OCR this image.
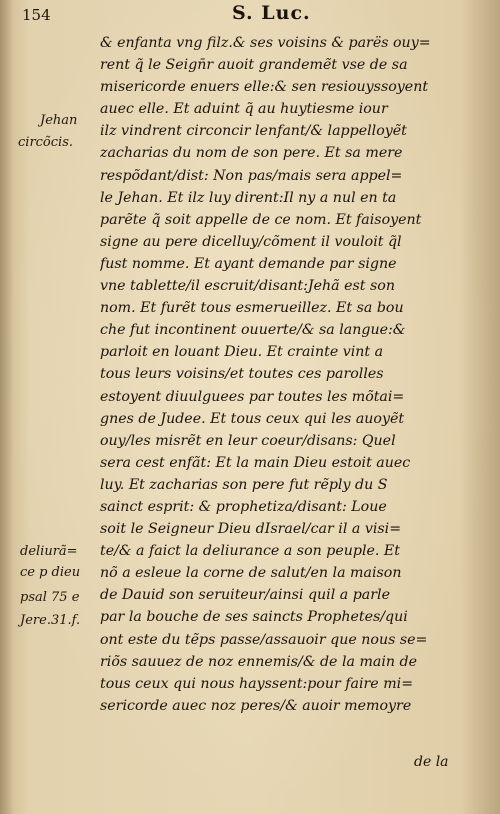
154	S. Luc.
& enfanta vng filz.& ses voisins & parës ouy=
rent q̃ le Seign̄r auoit grandemẽt vse de sa
misericorde enuers elle:& sen resiouyssoyent
auec elle. Et aduint q̃ au huytiesme iour
ilz vindrent circoncir lenfant/& lappelloyẽt
zacharias du nom de son pere. Et sa mere
respõdant/dist: Non pas/mais sera appel=
le Jehan. Et ilz luy dirent:Il ny a nul en ta
parẽte q̃ soit appelle de ce nom. Et faisoyent
signe au pere dicelluy/cõment il vouloit q̃l
fust nomme. Et ayant demande par signe
vne tablette/il escruit/disant:Jehã est son
nom. Et furẽt tous esmerueillez. Et sa bou
che fut incontinent ouuerte/& sa langue:&
parloit en louant Dieu. Et crainte vint a
tous leurs voisins/et toutes ces parolles
estoyent diuulguees par toutes les mõtai=
gnes de Judee. Et tous ceux qui les auoyẽt
ouy/les misrẽt en leur coeur/disans: Quel
sera cest enfãt: Et la main Dieu estoit auec
luy. Et zacharias son pere fut rẽply du S
sainct esprit: & prophetiza/disant: Loue
soit le Seigneur Dieu dIsrael/car il a visi=
te/& a faict la deliurance a son peuple. Et
nõ a esleue la corne de salut/en la maison
de Dauid son seruiteur/ainsi quil a parle
par la bouche de ses saincts Prophetes/qui
ont este du tẽps passe/assauoir que nous se=
riõs sauuez de noz ennemis/& de la main de
tous ceux qui nous hayssent:pour faire mi=
sericorde auec noz peres/& auoir memoyre
Jehan
circõcis.
deliurã=
ce p dieu
psal 75 e
Jere.31.f.
de la
